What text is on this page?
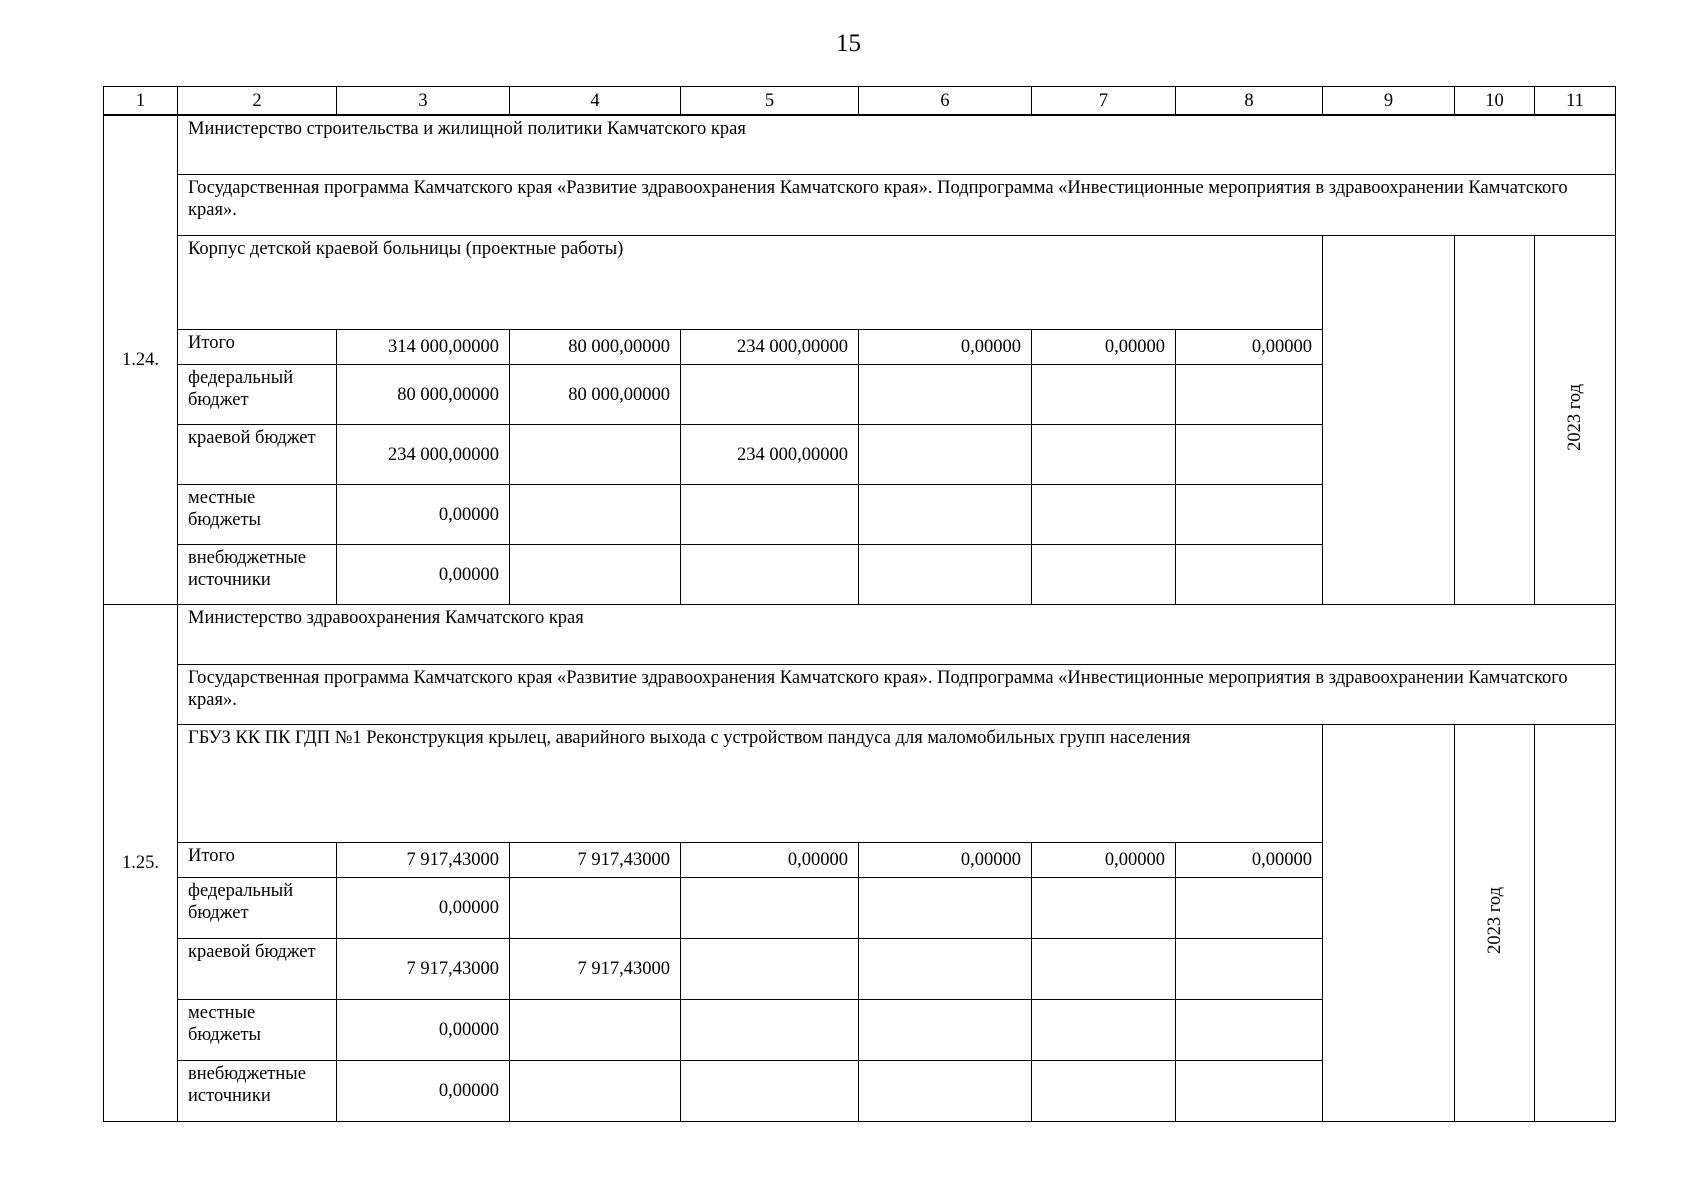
15
1	2	3	4	5	6	7	8	9	10	11
1.24.	Министерство строительства и жилищной политики Камчатского края									
	Государственная программа Камчатского края «Развитие здравоохранения Камчатского края». Подпрограмма «Инвестиционные мероприятия в здравоохранении Камчатского края».									
	Корпус детской краевой больницы (проектные работы)									2023 год
	Итого	314 000,00000	80 000,00000	234 000,00000	0,00000	0,00000	0,00000			
	федеральный бюджет	80 000,00000	80 000,00000							
	краевой бюджет	234 000,00000		234 000,00000						
	местные бюджеты	0,00000								
	внебюджетные источники	0,00000								
1.25.	Министерство здравоохранения Камчатского края									
	Государственная программа Камчатского края «Развитие здравоохранения Камчатского края». Подпрограмма «Инвестиционные мероприятия в здравоохранении Камчатского края».									
	ГБУЗ КК ПК ГДП №1 Реконструкция крылец, аварийного выхода с устройством пандуса для маломобильных групп населения								2023 год	
	Итого	7 917,43000	7 917,43000	0,00000	0,00000	0,00000	0,00000			
	федеральный бюджет	0,00000								
	краевой бюджет	7 917,43000	7 917,43000							
	местные бюджеты	0,00000								
	внебюджетные источники	0,00000								
